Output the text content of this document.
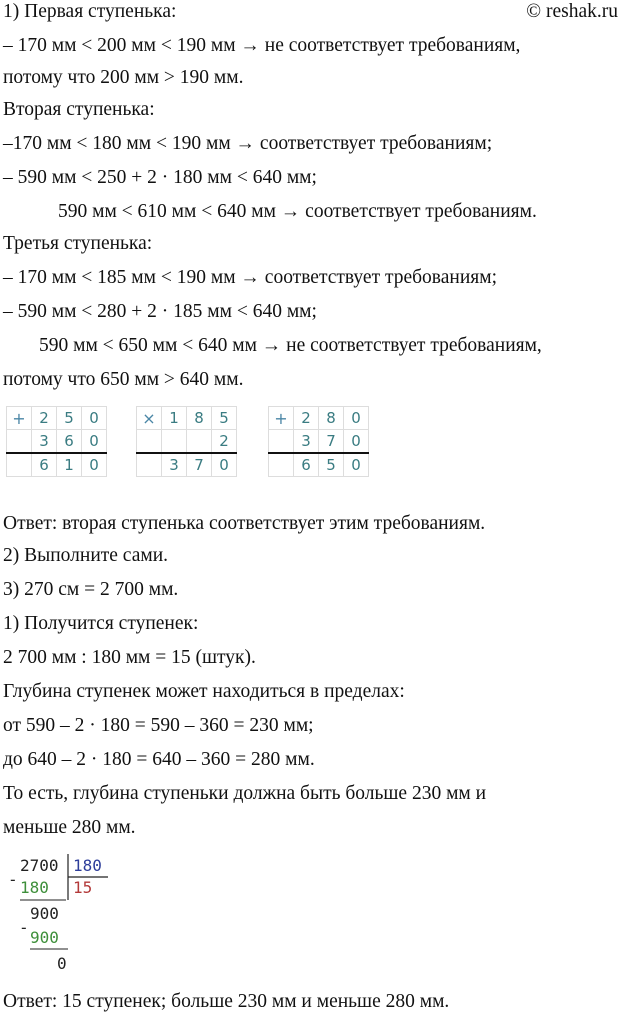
© reshak.ru
1) Первая ступенька:
– 170 мм < 200 мм < 190 мм → не соответствует требованиям,
потому что 200 мм > 190 мм.
Вторая ступенька:
–170 мм < 180 мм < 190 мм → соответствует требованиям;
– 590 мм < 250 + 2 · 180 мм < 640 мм;
590 мм < 610 мм < 640 мм → соответствует требованиям.
Третья ступенька:
– 170 мм < 185 мм < 190 мм → соответствует требованиям;
– 590 мм < 280 + 2 · 185 мм < 640 мм;
590 мм < 650 мм < 640 мм → не соответствует требованиям,
потому что 650 мм > 640 мм.
+	2	5	0
	3	6	0
	6	1	0
×	1	8	5
			2
	3	7	0
+	2	8	0
	3	7	0
	6	5	0
Ответ: вторая ступенька соответствует этим требованиям.
2) Выполните сами.
3) 270 см = 2 700 мм.
1) Получится ступенек:
2 700 мм : 180 мм = 15 (штук).
Глубина ступенек может находиться в пределах:
от 590 – 2 · 180 = 590 – 360 = 230 мм;
до 640 – 2 · 180 = 640 – 360 = 280 мм.
То есть, глубина ступеньки должна быть больше 230 мм и
меньше 280 мм.
2700 180
- 180 15
900
-
900
0
Ответ: 15 ступенек; больше 230 мм и меньше 280 мм.
